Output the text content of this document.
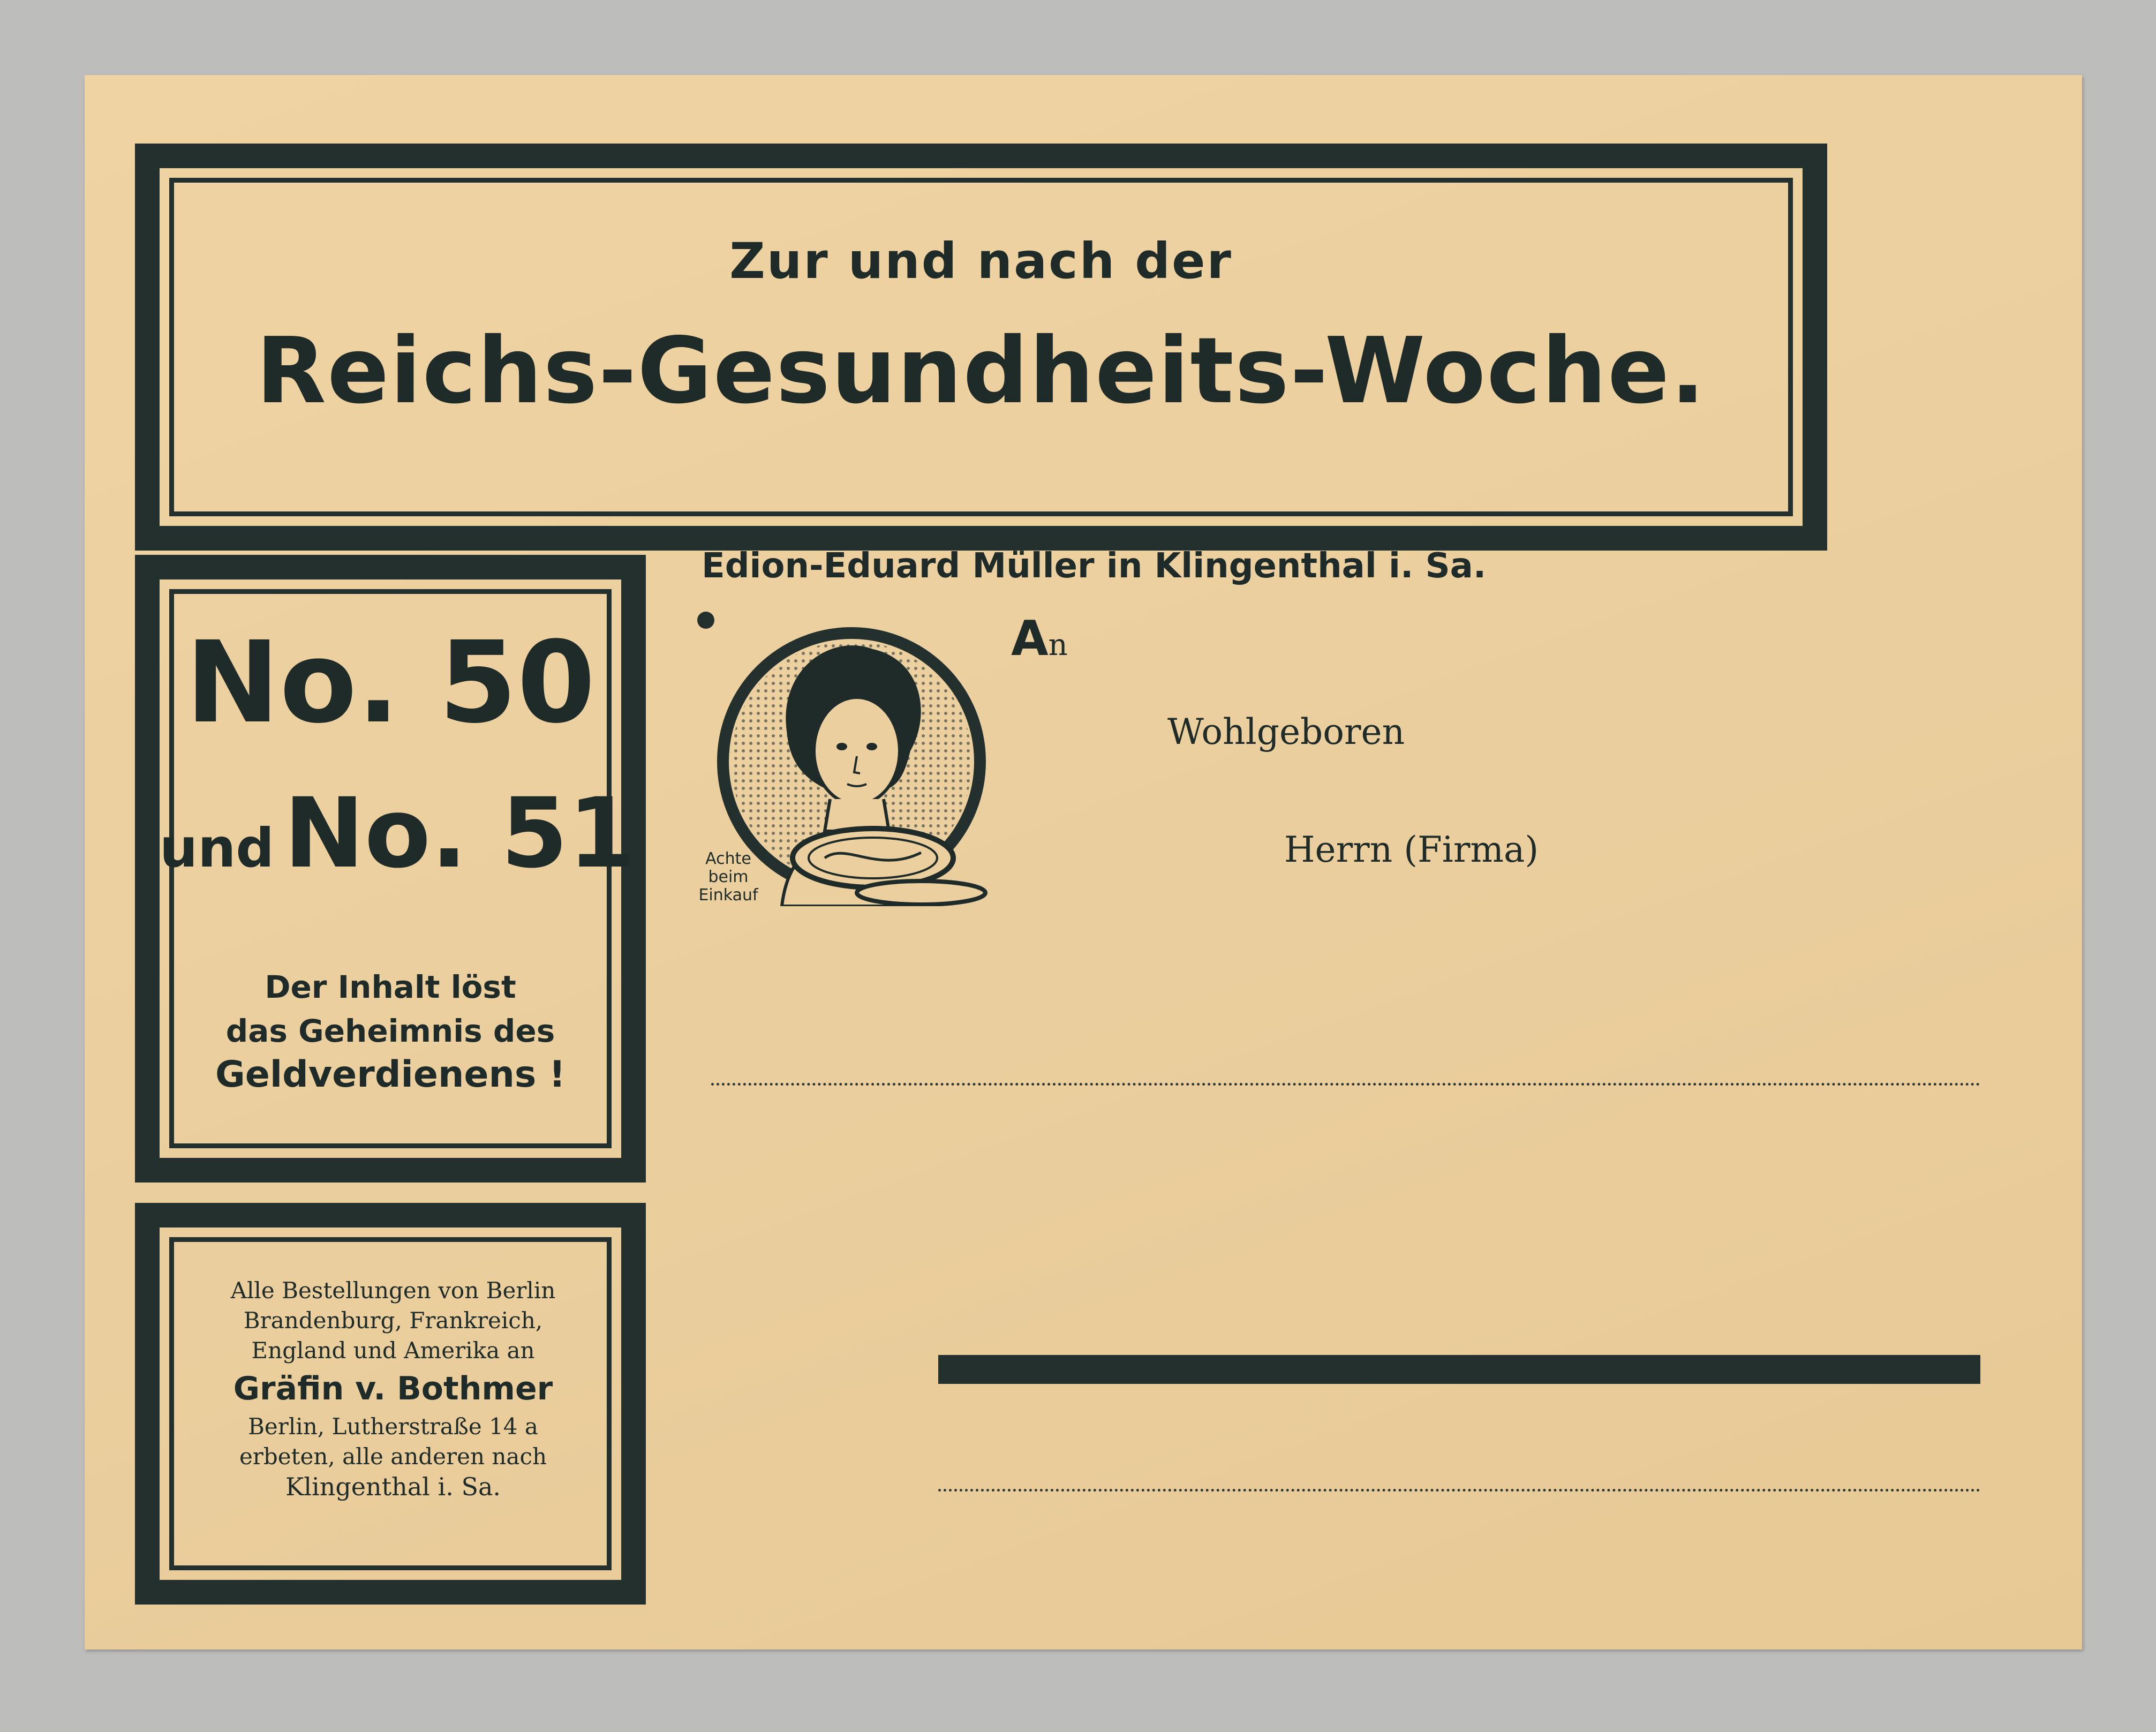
Zur und nach der
Reichs-Gesundheits-Woche.
No. 50
und No. 51
Der Inhalt löst
das Geheimnis des
Geldverdienens !
Alle Bestellungen von Berlin
Brandenburg, Frankreich,
England und Amerika an
Gräfin v. Bothmer
Berlin, Lutherstraße 14 a
erbeten, alle anderen nach
Klingenthal i. Sa.
Edion-Eduard Müller in Klingenthal i. Sa.
Achte
beim
Einkauf
An
Wohlgeboren
Herrn (Firma)
